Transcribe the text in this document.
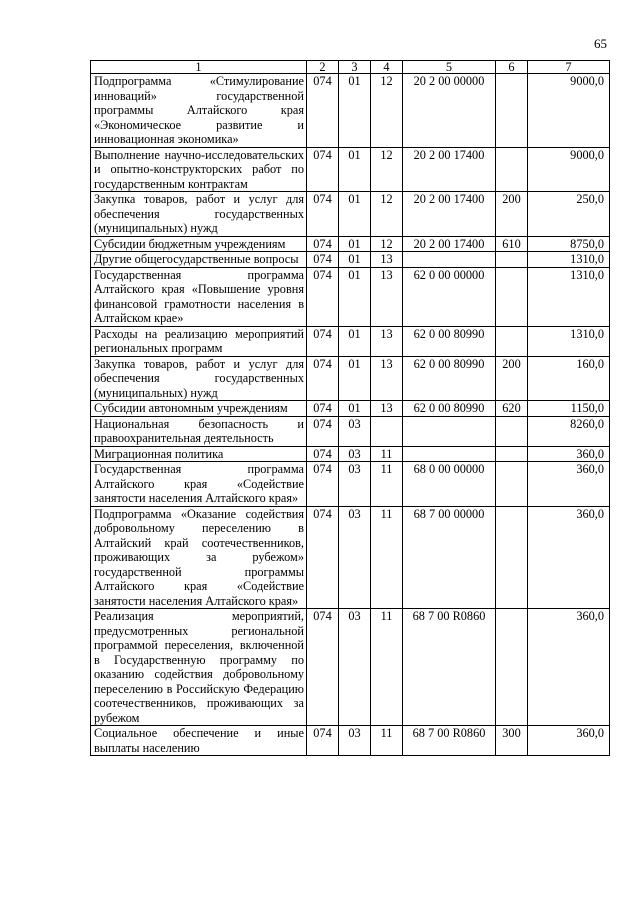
65
1	2	3	4	5	6	7
Подпрограмма «Стимулирование инноваций» государственной программы Алтайского края «Экономическое развитие и инновационная экономика»	074	01	12	20 2 00 00000		9000,0
Выполнение научно-исследовательских и опытно-конструкторских работ по государственным контрактам	074	01	12	20 2 00 17400		9000,0
Закупка товаров, работ и услуг для обеспечения государственных (муниципальных) нужд	074	01	12	20 2 00 17400	200	250,0
Субсидии бюджетным учреждениям	074	01	12	20 2 00 17400	610	8750,0
Другие общегосударственные вопросы	074	01	13			1310,0
Государственная программа Алтайского края «Повышение уровня финансовой грамотности населения в Алтайском крае»	074	01	13	62 0 00 00000		1310,0
Расходы на реализацию мероприятий региональных программ	074	01	13	62 0 00 80990		1310,0
Закупка товаров, работ и услуг для обеспечения государственных (муниципальных) нужд	074	01	13	62 0 00 80990	200	160,0
Субсидии автономным учреждениям	074	01	13	62 0 00 80990	620	1150,0
Национальная безопасность и правоохранительная деятельность	074	03				8260,0
Миграционная политика	074	03	11			360,0
Государственная программа Алтайского края «Содействие занятости населения Алтайского края»	074	03	11	68 0 00 00000		360,0
Подпрограмма «Оказание содействия добровольному переселению в Алтайский край соотечественников, проживающих за рубежом» государственной программы Алтайского края «Содействие занятости населения Алтайского края»	074	03	11	68 7 00 00000		360,0
Реализация мероприятий, предусмотренных региональной программой переселения, включенной в Государственную программу по оказанию содействия добровольному переселению в Российскую Федерацию соотечественников, проживающих за рубежом	074	03	11	68 7 00 R0860		360,0
Социальное обеспечение и иные выплаты населению	074	03	11	68 7 00 R0860	300	360,0
